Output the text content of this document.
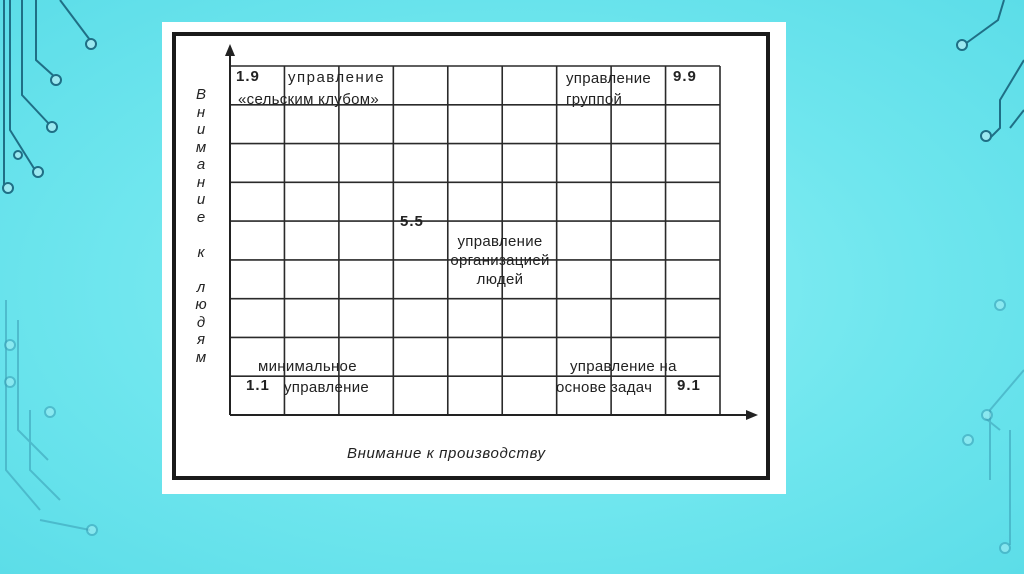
В
н
и
м
а
н
и
е

к

л
ю
д
я
м
Внимание к производству
1.9 управление
«сельским клубом»
управление 9.9
группой
5.5
управление
организацией
людей
минимальное
1.1 управление
управление на
основе задач 9.1
